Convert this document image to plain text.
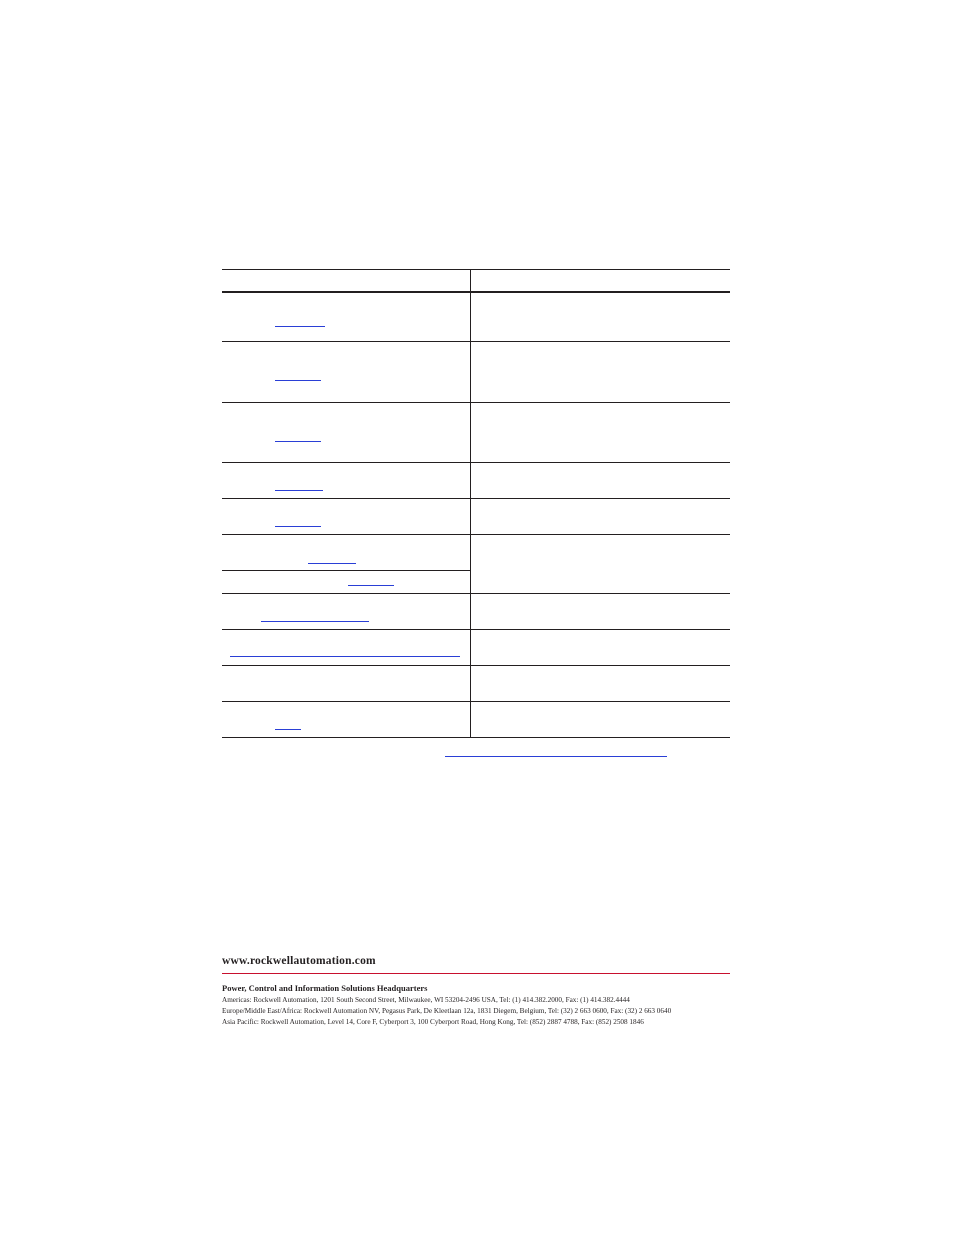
www.rockwellautomation.com
Power, Control and Information Solutions Headquarters
Americas: Rockwell Automation, 1201 South Second Street, Milwaukee, WI 53204-2496 USA, Tel: (1) 414.382.2000, Fax: (1) 414.382.4444
Europe/Middle East/Africa: Rockwell Automation NV, Pegasus Park, De Kleetlaan 12a, 1831 Diegem, Belgium, Tel: (32) 2 663 0600, Fax: (32) 2 663 0640
Asia Pacific: Rockwell Automation, Level 14, Core F, Cyberport 3, 100 Cyberport Road, Hong Kong, Tel: (852) 2887 4788, Fax: (852) 2508 1846
